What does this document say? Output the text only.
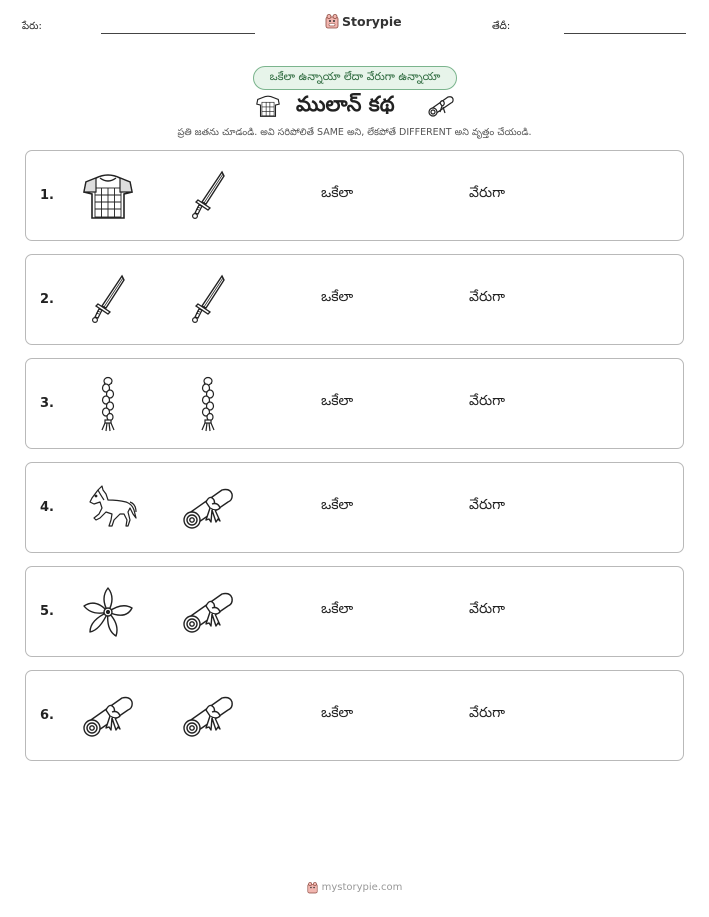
పేరు:	Storypie	తేదీ:
ఒకేలా ఉన్నాయా లేదా వేరుగా ఉన్నాయా
ములాన్ కథ
ప్రతి జతను చూడండి. అవి సరిపోలితే SAME అని, లేకపోతే DIFFERENT అని వృత్తం చేయండి.
1.	ఒకేలా	వేరుగా
2.	ఒకేలా	వేరుగా
3.	ఒకేలా	వేరుగా
4.	ఒకేలా	వేరుగా
5.	ఒకేలా	వేరుగా
6.	ఒకేలా	వేరుగా
mystorypie.com
